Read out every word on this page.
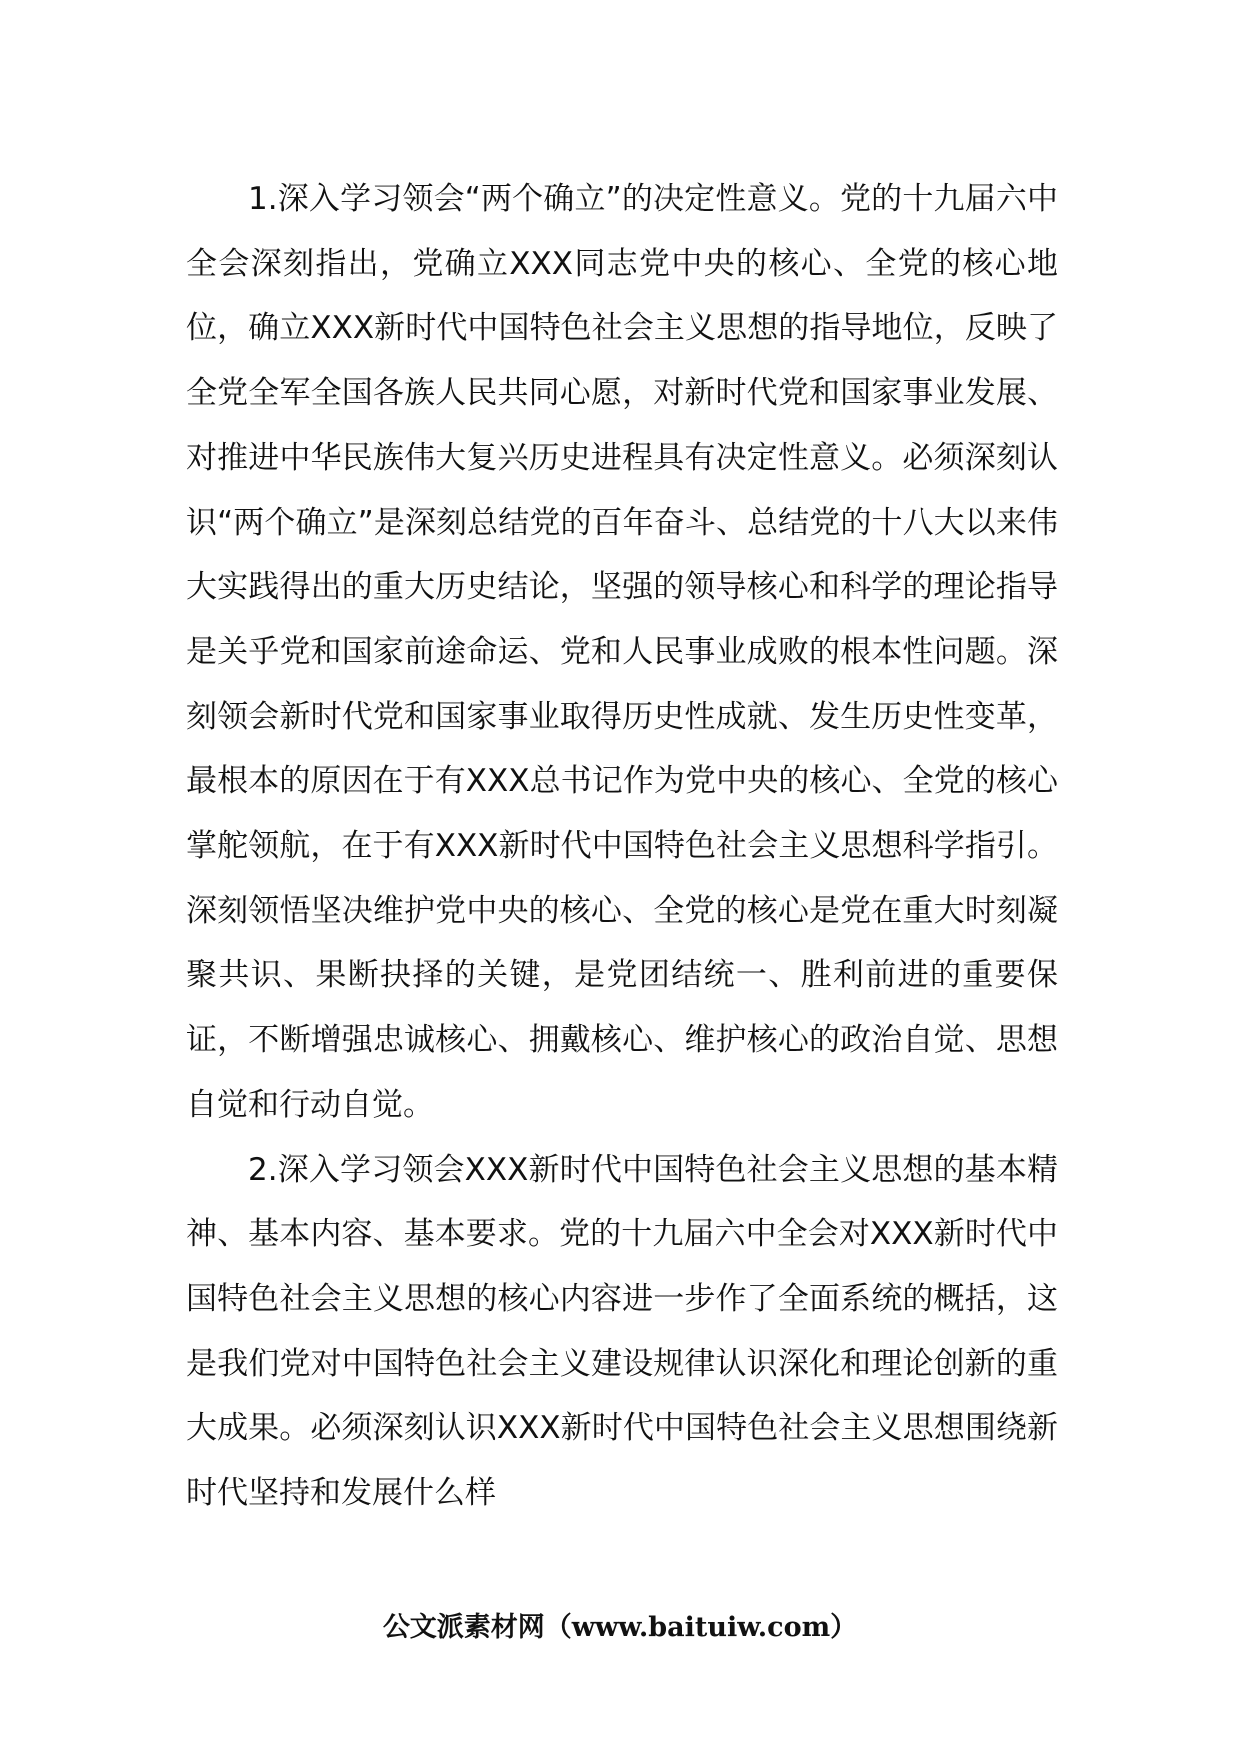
1.深入学习领会“两个确立”的决定性意义。党的十九届六中全会深刻指出，党确立XXX同志党中央的核心、全党的核心地位，确立XXX新时代中国特色社会主义思想的指导地位，反映了全党全军全国各族人民共同心愿，对新时代党和国家事业发展、对推进中华民族伟大复兴历史进程具有决定性意义。必须深刻认识“两个确立”是深刻总结党的百年奋斗、总结党的十八大以来伟大实践得出的重大历史结论，坚强的领导核心和科学的理论指导是关乎党和国家前途命运、党和人民事业成败的根本性问题。深刻领会新时代党和国家事业取得历史性成就、发生历史性变革，最根本的原因在于有XXX总书记作为党中央的核心、全党的核心掌舵领航，在于有XXX新时代中国特色社会主义思想科学指引。深刻领悟坚决维护党中央的核心、全党的核心是党在重大时刻凝聚共识、果断抉择的关键，是党团结统一、胜利前进的重要保证，不断增强忠诚核心、拥戴核心、维护核心的政治自觉、思想自觉和行动自觉。

2.深入学习领会XXX新时代中国特色社会主义思想的基本精神、基本内容、基本要求。党的十九届六中全会对XXX新时代中国特色社会主义思想的核心内容进一步作了全面系统的概括，这是我们党对中国特色社会主义建设规律认识深化和理论创新的重大成果。必须深刻认识XXX新时代中国特色社会主义思想围绕新时代坚持和发展什么样

公文派素材网（www.baituiw.com）
